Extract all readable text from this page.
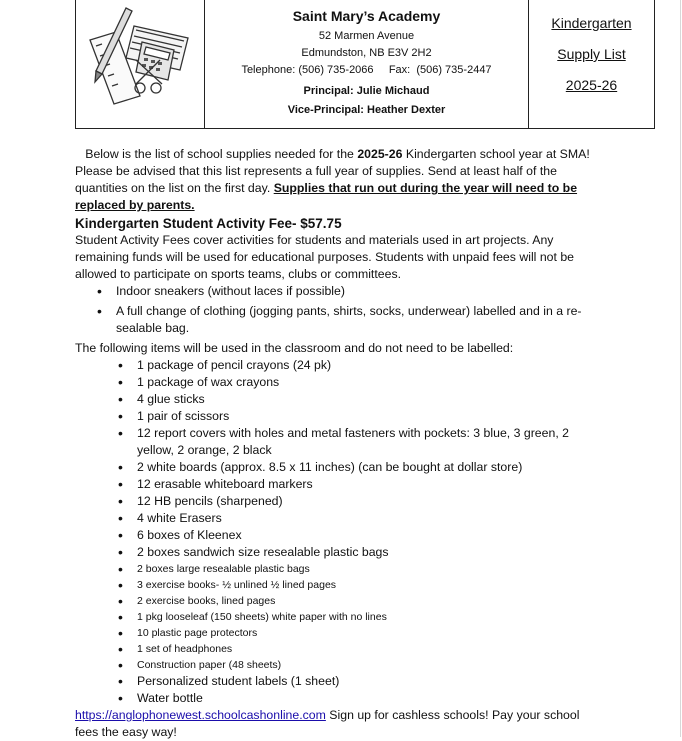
Saint Mary’s Academy
52 Marmen Avenue
Edmundston, NB E3V 2H2
Telephone: (506) 735-2066     Fax:  (506) 735-2447
Principal: Julie Michaud
Vice-Principal: Heather Dexter
Kindergarten
Supply List
2025-26

Below is the list of school supplies needed for the 2025-26 Kindergarten school year at SMA! Please be advised that this list represents a full year of supplies. Send at least half of the quantities on the list on the first day. Supplies that run out during the year will need to be replaced by parents.

Kindergarten Student Activity Fee- $57.75

Student Activity Fees cover activities for students and materials used in art projects. Any remaining funds will be used for educational purposes. Students with unpaid fees will not be allowed to participate on sports teams, clubs or committees.

• Indoor sneakers (without laces if possible)
• A full change of clothing (jogging pants, shirts, socks, underwear) labelled and in a re-sealable bag.

The following items will be used in the classroom and do not need to be labelled:

• 1 package of pencil crayons (24 pk)
• 1 package of wax crayons
• 4 glue sticks
• 1 pair of scissors
• 12 report covers with holes and metal fasteners with pockets: 3 blue, 3 green, 2 yellow, 2 orange, 2 black
• 2 white boards (approx. 8.5 x 11 inches) (can be bought at dollar store)
• 12 erasable whiteboard markers
• 12 HB pencils (sharpened)
• 4 white Erasers
• 6 boxes of Kleenex
• 2 boxes sandwich size resealable plastic bags
• 2 boxes large resealable plastic bags
• 3 exercise books- ½ unlined ½ lined pages
• 2 exercise books, lined pages
• 1 pkg looseleaf (150 sheets) white paper with no lines
• 10 plastic page protectors
• 1 set of headphones
• Construction paper (48 sheets)
• Personalized student labels (1 sheet)
• Water bottle

https://anglophonewest.schoolcashonline.com Sign up for cashless schools! Pay your school fees the easy way!
